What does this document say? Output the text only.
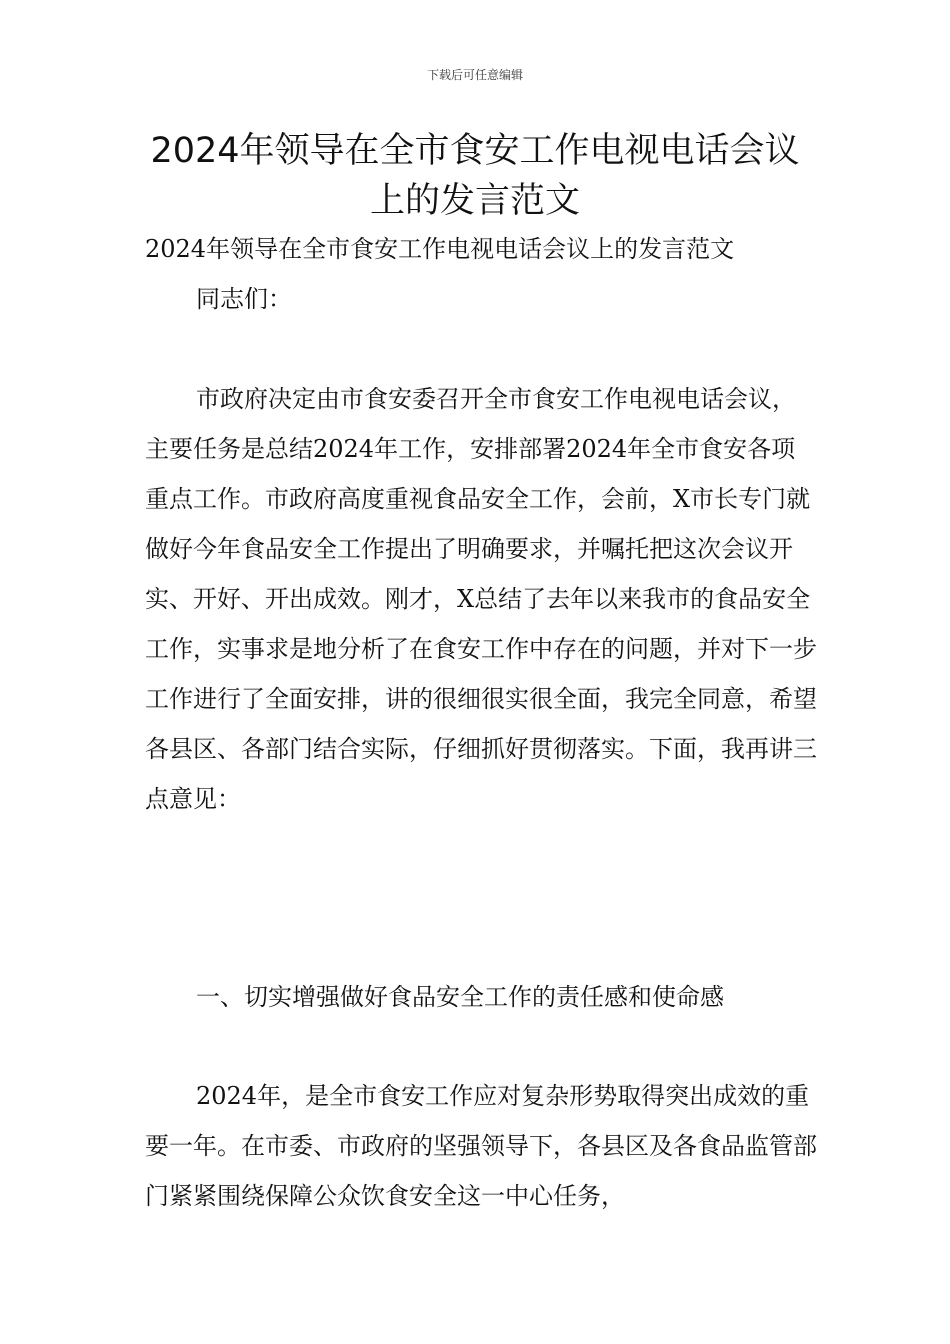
下载后可任意编辑
2024年领导在全市食安工作电视电话会议上的发言范文

2024年领导在全市食安工作电视电话会议上的发言范文

同志们：

市政府决定由市食安委召开全市食安工作电视电话会议，主要任务是总结2024年工作，安排部署2024年全市食安各项重点工作。市政府高度重视食品安全工作，会前，X市长专门就做好今年食品安全工作提出了明确要求，并嘱托把这次会议开实、开好、开出成效。刚才，X总结了去年以来我市的食品安全工作，实事求是地分析了在食安工作中存在的问题，并对下一步工作进行了全面安排，讲的很细很实很全面，我完全同意，希望各县区、各部门结合实际，仔细抓好贯彻落实。下面，我再讲三点意见：

一、切实增强做好食品安全工作的责任感和使命感

2024年，是全市食安工作应对复杂形势取得突出成效的重要一年。在市委、市政府的坚强领导下，各县区及各食品监管部门紧紧围绕保障公众饮食安全这一中心任务，
